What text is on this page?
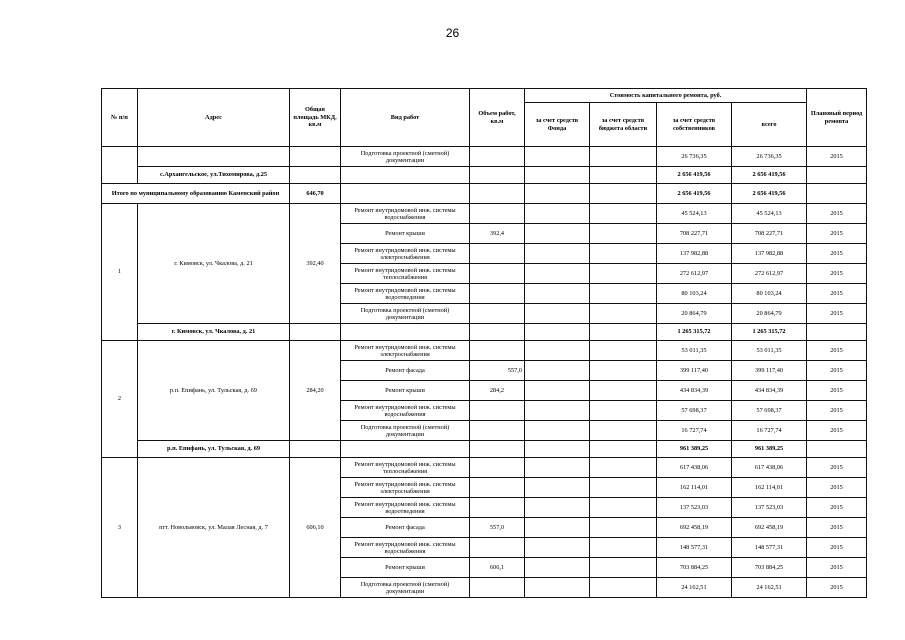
26
№ п/п	Адрес	Общая площадь МКД, кв.м	Вид работ	Объем работ, кв.м	Стоимость капитального ремонта, руб.				Плановый период ремонта
					за счет средств Фонда	за счет средств бюджета области	за счет средств собственников	всего	
			Подготовка проектной (сметной) документации				26 736,35	26 736,35	2015
	с.Архангельское, ул.Тихомирова, д.25						2 656 419,56	2 656 419,56	
Итого по муниципальному образованию Каменский район		646,70					2 656 419,56	2 656 419,56	
1	г. Кимовск, ул. Чкалова, д. 21	392,40	Ремонт внутридомовой инж. системы водоснабжения				45 524,13	45 524,13	2015
			Ремонт крыши	392,4			708 227,71	708 227,71	2015
			Ремонт внутридомовой инж. системы электроснабжения				137 982,88	137 982,88	2015
			Ремонт внутридомовой инж. системы теплоснабжения				272 612,97	272 612,97	2015
			Ремонт внутридомовой инж. системы водоотведения				80 103,24	80 103,24	2015
			Подготовка проектной (сметной) документации				20 864,79	20 864,79	2015
	г. Кимовск, ул. Чкалова, д. 21						1 265 315,72	1 265 315,72	
2	р.п. Епифань, ул. Тульская, д. 69	284,20	Ремонт внутридомовой инж. системы электроснабжения				53 011,35	53 011,35	2015
			Ремонт фасада	557,0			399 117,40	399 117,40	2015
			Ремонт крыши	284,2			434 834,39	434 834,39	2015
			Ремонт внутридомовой инж. системы водоснабжения				57 698,37	57 698,37	2015
			Подготовка проектной (сметной) документации				16 727,74	16 727,74	2015
	р.п. Епифань, ул. Тульская, д. 69						961 389,25	961 389,25	
3	пгт. Новольвовск, ул. Малая Лесная, д. 7	606,10	Ремонт внутридомовой инж. системы теплоснабжения				617 438,06	617 438,06	2015
			Ремонт внутридомовой инж. системы электроснабжения				162 114,01	162 114,01	2015
			Ремонт внутридомовой инж. системы водоотведения				137 523,03	137 523,03	2015
			Ремонт фасада	557,0			692 458,19	692 458,19	2015
			Ремонт внутридомовой инж. системы водоснабжения				148 577,31	148 577,31	2015
			Ремонт крыши	606,1			703 884,25	703 884,25	2015
			Подготовка проектной (сметной) документации				24 162,51	24 162,51	2015
